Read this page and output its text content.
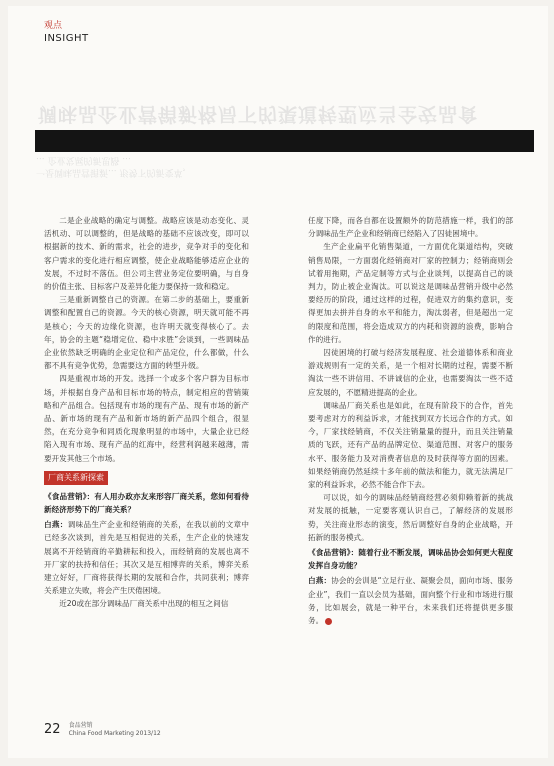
观点
INSIGHT
调味品企业营销新格局下的渠道转型应当全安品食
一是调味品营销新... 形势下的新变革，
... 企业发展的新思路 ...

二是企业战略的确定与调整。战略应该是动态变化、灵活机动、可以调整的，但是战略的基础不应该改变，即可以根据新的技术、新的需求，社会的进步，竞争对手的变化和客户需求的变化进行相应调整，使企业战略能够适应企业的发展，不过时不落伍。但公司主营业务定位要明确，与自身的价值主张、目标客户及差异化能力要保持一致和稳定。

三是重新调整自己的资源。在第二步的基础上，要重新调整和配置自己的资源。今天的核心资源，明天就可能不再是核心；今天的边缘化资源，也许明天就变得核心了。去年，协会的主题“稳增定位、稳中求胜”会谈到，一些调味品企业依然缺乏明确的企业定位和产品定位，什么都做，什么都不具有竞争优势，急需要这方面的转型升级。

四是重视市场的开发。选择一个或多个客户群为目标市场，并根据自身产品和目标市场的特点，制定相应的营销策略和产品组合。包括现有市场的现有产品、现有市场的新产品、新市场的现有产品和新市场的新产品四个组合，很显然，在充分竞争和同质化现象明显的市场中，大量企业已经陷入现有市场、现有产品的红海中，经营利润越来越薄，需要开发其他三个市场。

厂商关系新探索

《食品营销》：有人用办政亦友来形容厂商关系，您如何看待新经济形势下的厂商关系？

白燕：调味品生产企业和经销商的关系，在我以前的文章中已经多次谈到，首先是互相促进的关系，生产企业的快速发展离不开经销商的辛勤耕耘和投入，而经销商的发展也离不开厂家的扶持和信任；其次又是互相博弈的关系，博弈关系建立好好，厂商将获得长期的发展和合作，共同获利；博弈关系建立失败，将会产生厌倦困境。

近20或在部分调味品厂商关系中出现的相互之间信

任度下降，而各自都在设置额外的防范措施一样，我们的部分调味品生产企业和经销商已经陷入了囚徒困境中。

生产企业扁平化销售渠道，一方面优化渠道结构，突破销售局限，一方面弱化经销商对厂家的控制力；经销商则会试着用拖期，产品定制等方式与企业谈判，以提高自己的谈判力，防止被企业淘汰。可以说这是调味品营销升级中必然要经历的阶段，通过这样的过程，促进双方的集约意识，变得更加去拼并自身的水平和能力，淘汰弱者，但是超出一定的限度和范围，将会造成双方的内耗和资源的浪费，影响合作的进行。

囚徒困境的打破与经济发展程度、社会道德体系和商业游戏规则有一定的关系，是一个相对长期的过程，需要不断淘汰一些不讲信用、不讲诚信的企业，也需要淘汰一些不适应发展的，不愿精进提高的企业。

调味品厂商关系也是如此，在现有阶段下的合作，首先要考虑对方的利益诉求，才能找到双方长远合作的方式。如今，厂家找经销商，不仅关注销量量的提升，而且关注销量质的飞跃，还有产品的品牌定位、渠道范围、对客户的服务水平、服务能力及对消费者信息的及时获得等方面的因素。如果经销商仍然延续十多年前的做法和能力，就无法满足厂家的利益诉求，必然不能合作下去。

可以说，如今的调味品经销商经营必须仰赖着新的挑战对发展的抵触，一定要客观认识自己，了解经济的发展形势，关注商业形态的演变，然后调整好自身的企业战略，开拓新的服务模式。

《食品营销》：随着行业不断发展，调味品协会如何更大程度发挥自身功能？

白燕：协会的会训是“立足行业、凝聚会员，面向市场、服务企业”，我们一直以会员为基础，面向整个行业和市场进行服务，比如展会，就是一种平台，未来我们还将提供更多服务。

22 食品营销
China Food Marketing 2013/12
